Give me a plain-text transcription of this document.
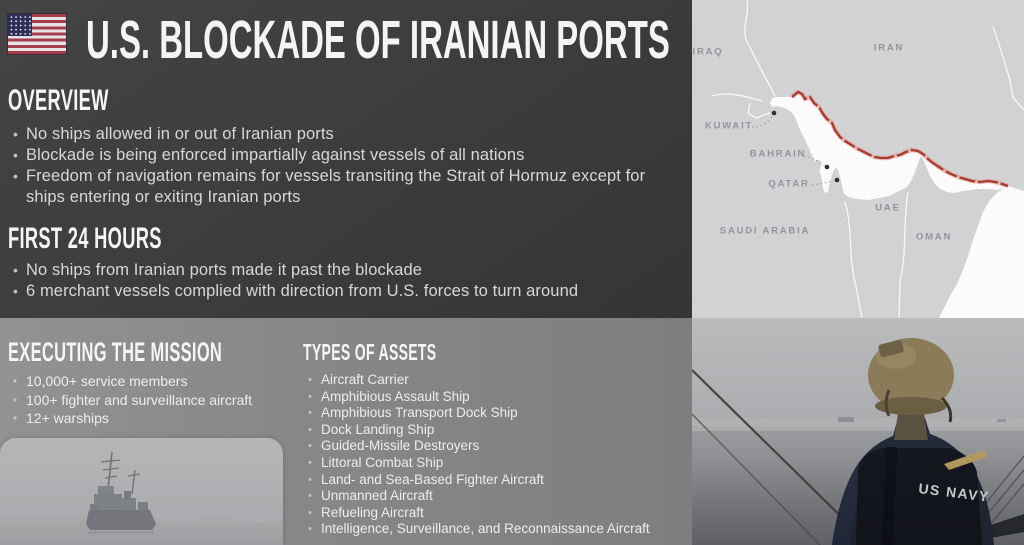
U.S. BLOCKADE OF IRANIAN PORTS
OVERVIEW
• No ships allowed in or out of Iranian ports
• Blockade is being enforced impartially against vessels of all nations
• Freedom of navigation remains for vessels transiting the Strait of Hormuz except for ships entering or exiting Iranian ports
FIRST 24 HOURS
• No ships from Iranian ports made it past the blockade
• 6 merchant vessels complied with direction from U.S. forces to turn around
EXECUTING THE MISSION
• 10,000+ service members
• 100+ fighter and surveillance aircraft
• 12+ warships
TYPES OF ASSETS
• Aircraft Carrier
• Amphibious Assault Ship
• Amphibious Transport Dock Ship
• Dock Landing Ship
• Guided-Missile Destroyers
• Littoral Combat Ship
• Land- and Sea-Based Fighter Aircraft
• Unmanned Aircraft
• Refueling Aircraft
• Intelligence, Surveillance, and Reconnaissance Aircraft
IRAQ	IRAN
KUWAIT
BAHRAIN
QATAR
SAUDI ARABIA
UAE
OMAN
